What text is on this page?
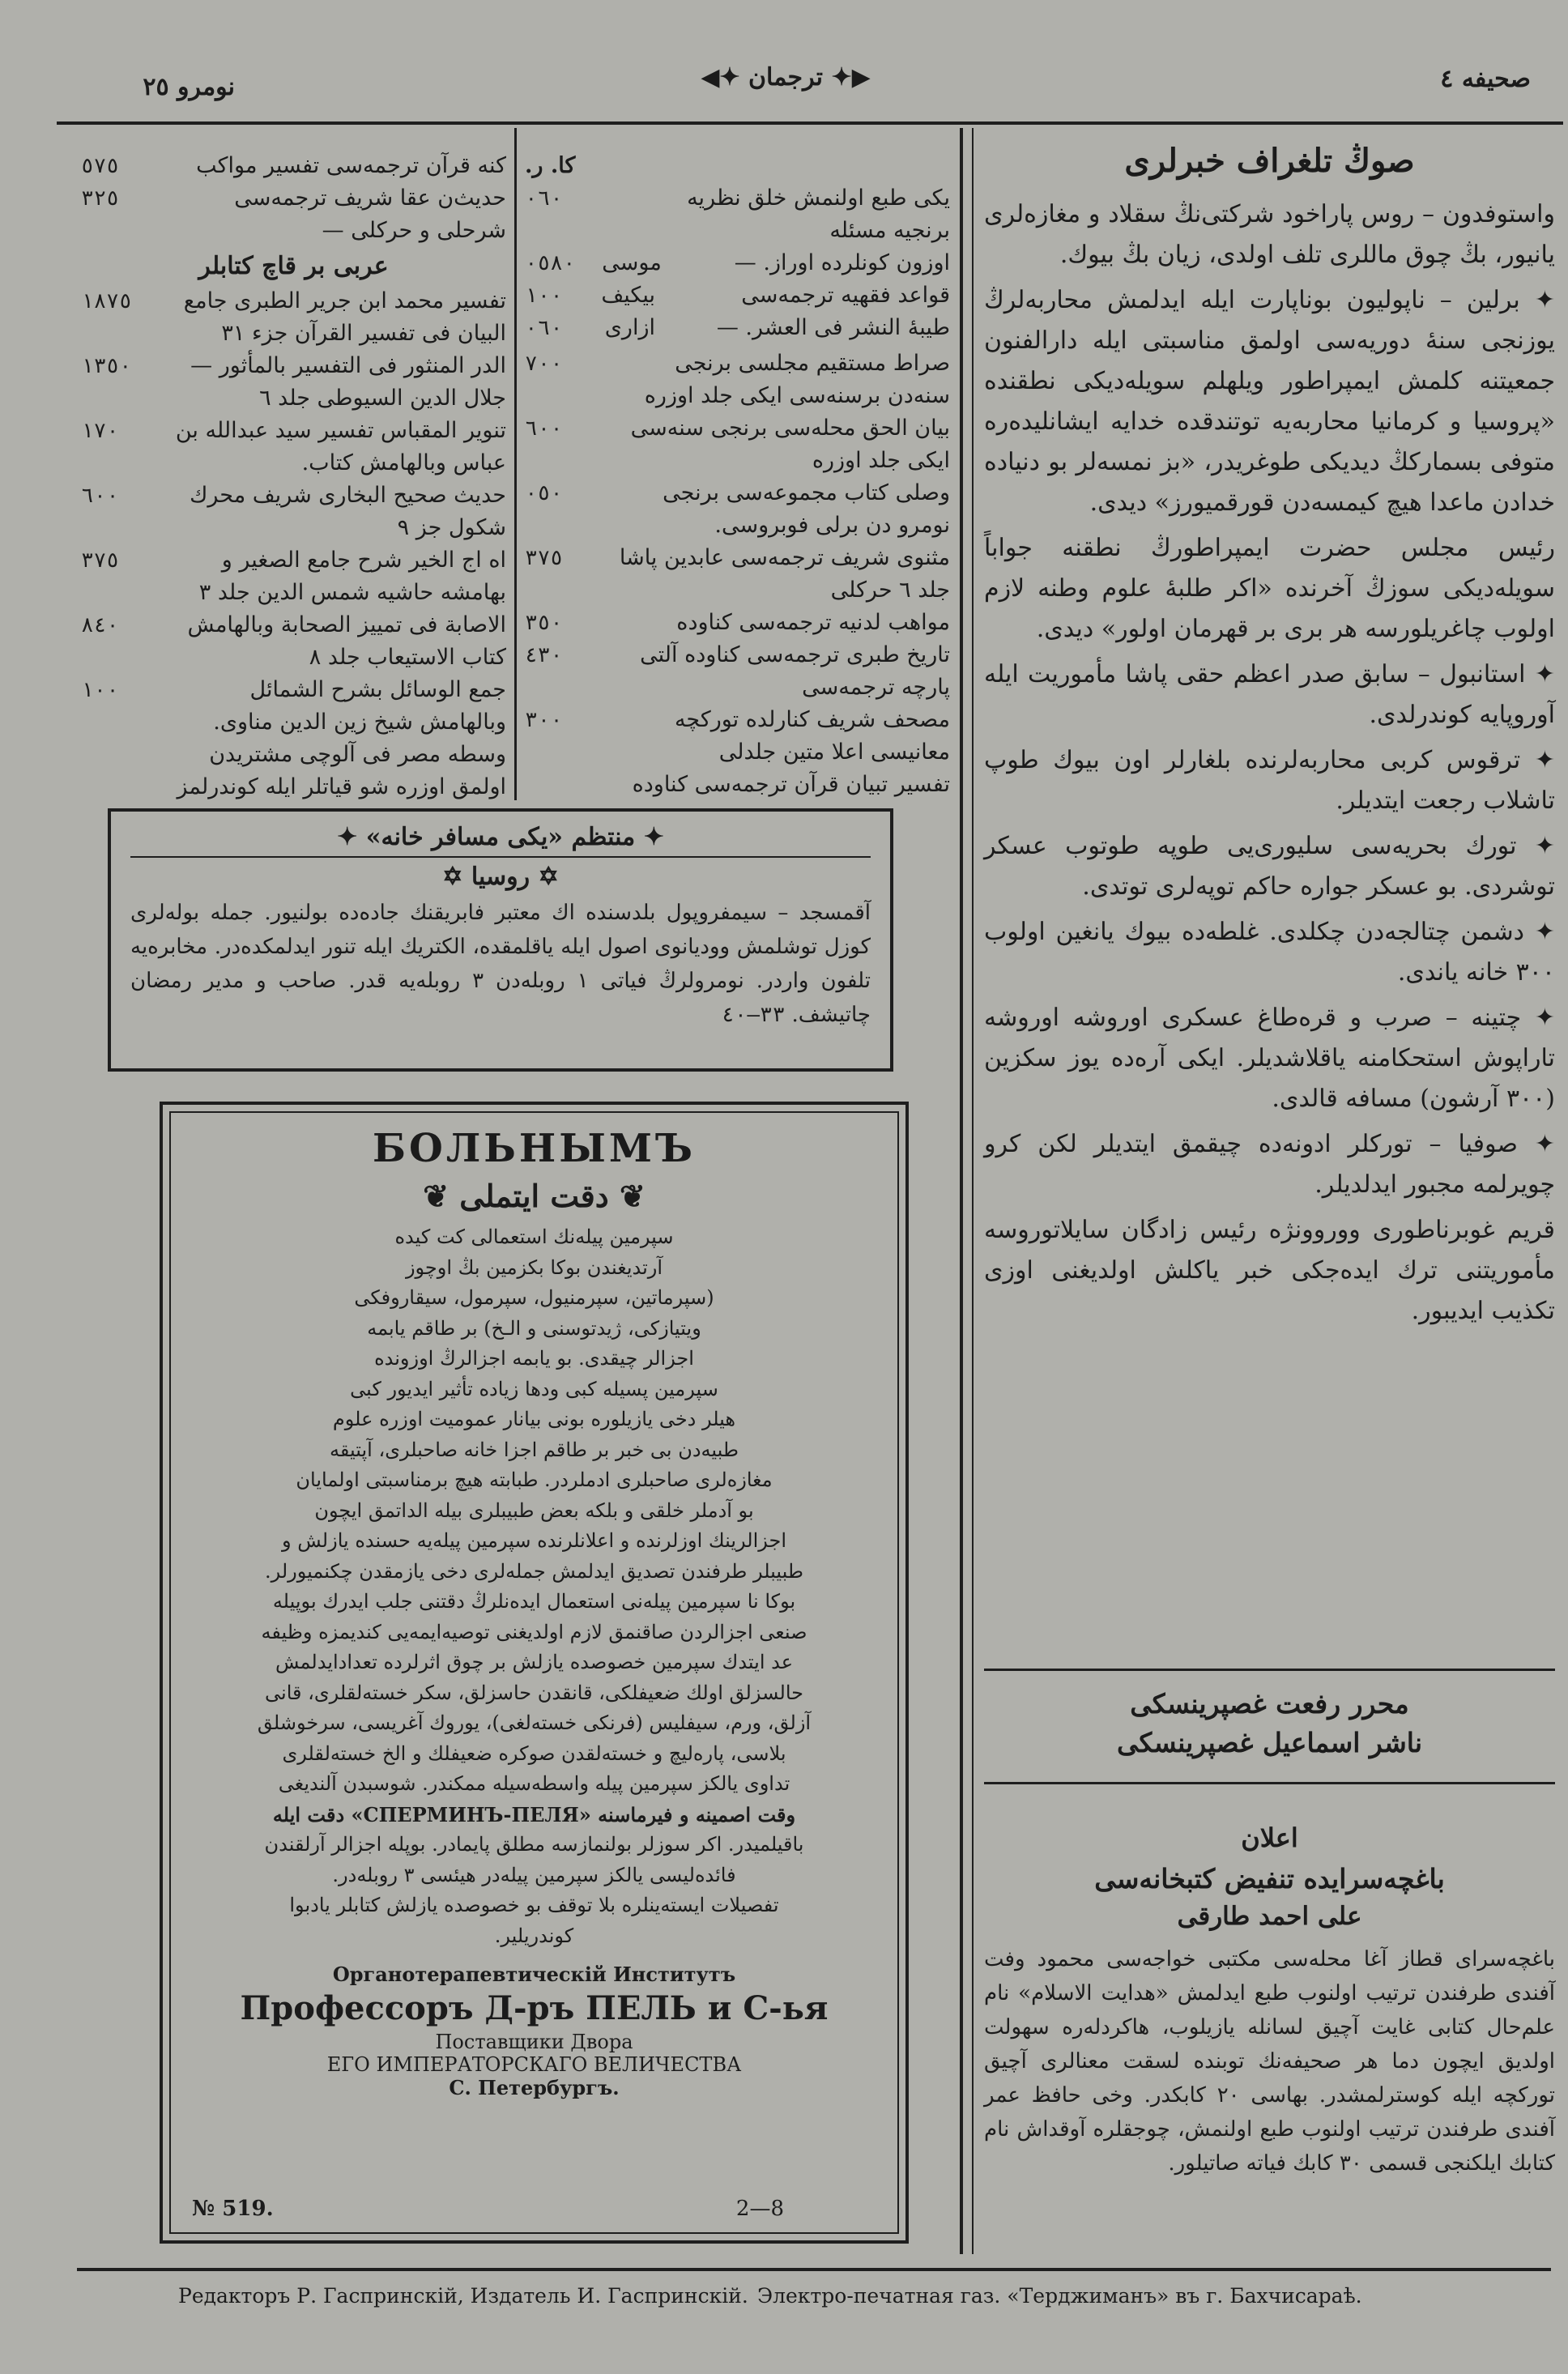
صحیفه ٤
◀✦ ترجمان ✦▶
نومرو ٢٥
صوڭ تلغراف خبرلری

واستوفدون – روس پاراخود شرکتی‌نڭ سقلاد و مغازه‌لری یانیور، بڭ چوق ماللری تلف اولدی، زیان بڭ بیوك.

✦ برلین – ناپولیون بوناپارت ایله ایدلمش محاربه‌لرڭ یوزنجی سنهٔ دوریه‌سی اولمق مناسبتی ایله دارالفنون جمعیتنه کلمش ایمپراطور ویلهلم سویله‌دیکی نطقنده «پروسیا و کرمانیا محاربه‌یه توتندقده خدایه ایشانلیده‌رە متوفی بسمارکڭ دیدیکی طوغریدر، «بز نمسه‌لر بو دنیاده خدادن ماعدا هیچ کیمسه‌دن قورقمیورز» دیدی.

رئیس مجلس حضرت ایمپراطورڭ نطقنه جواباً سویله‌دیکی سوزڭ آخرنده «اکر طلبهٔ علوم وطنه لازم اولوب چاغریلورسه هر بری بر قهرمان اولور» دیدی.

✦ استانبول – سابق صدر اعظم حقی پاشا مأموریت ایله آوروپایه کوندرلدی.

✦ ترقوس کربی محاربه‌لرنده بلغارلر اون بیوك طوپ تاشلاب رجعت ایتدیلر.

✦ تورك بحریه‌سی سلیوری‌یی طوپه طوتوب عسکر توشردی. بو عسکر جواره حاکم توپه‌لری توتدی.

✦ دشمن چتالجه‌دن چکلدی. غلطه‌ده بیوك یانغین اولوب ٣٠٠ خانه یاندی.

✦ چتینه – صرب و قره‌طاغ عسکری اوروشه اوروشه تاراپوش استحکامنه یاقلاشدیلر. ایکی آره‌ده یوز سکزین (٣٠٠ آرشون) مسافه قالدی.

✦ صوفیا – تورکلر ادونه‌ده چیقمق ایتدیلر لکن کرو چویرلمه مجبور ایدلدیلر.

قریم غوبرناطوری ووروونژه رئیس زادگان سایلاتوروسه مأموریتنی ترك ایده‌جکی خبر یاکلش اولدیغنی اوزی تکذیب ایدیبور.

محرر رفعت غصپرینسکی
ناشر اسماعیل غصپرینسکی
اعلان
باغچه‌سرایده تنفیض کتبخانه‌سی
علی احمد طارقی

باغچه‌سرای قطاز آغا محله‌سی مکتبی خواجه‌سی محمود وفت آفندی طرفندن ترتیب اولنوب طبع ایدلمش «هدایت الاسلام» نام علم‌حال کتابی غایت آچیق لسانله یازیلوب، هاکردله‌ره سهولت اولدیق ایچون دما هر صحیفه‌نك توبنده لسقت معنالری آچیق تورکچه ایله کوسترلمشدر. بهاسی ۲۰ کابکدر. وخی حافظ عمر آفندی طرفندن ترتیب اولنوب طبع اولنمش، چوجقلره آوقداش نام کتابك ایلکنجی قسمی ۳۰ کابك فیاته صاتیلور.

کا. ر.
یکی طبع اولنمش خلق نظریه برنجیه مسئله
٠٦٠
اوزون کونلرده اوراز. —
موسی
٠٥٨٠
قواعد فقهیه ترجمه‌سی
بیکیف
١٠٠
طیبهٔ النشر فی العشر. —
ازاری
٠٦٠
صراط مستقیم مجلسی برنجی سنه‌دن برسنه‌سی ایکی جلد اوزره
٧٠٠
بیان الحق محله‌سی برنجی سنه‌سی ایکی جلد اوزره
٦٠٠
وصلی کتاب مجموعه‌سی برنجی نومرو دن برلی فوبروسی.
٠٥٠
مثنوی شریف ترجمه‌سی عابدین پاشا جلد ٦ حرکلی
٣٧٥
مواهب لدنیه ترجمه‌سی کناوده
٣٥٠
تاریخ طبری ترجمه‌سی کناوده آلتی پارچه ترجمه‌سی
٤٣٠
مصحف شریف کنارلده تورکچه معانیسی اعلا متین جلدلی
٣٠٠
تفسیر تبیان قرآن ترجمه‌سی کناوده
کنه قرآن ترجمه‌سی تفسیر مواکب
٥٧٥
حدیث‌ن عقا شریف ترجمه‌سی شرحلی و حرکلی —
٣٢٥
عربی بر قاچ کتابلر
تفسیر محمد ابن جریر الطبری جامع البیان فی تفسیر القرآن جزء ٣١
١٨٧٥
الدر المنثور فی التفسیر بالمأثور — جلال الدین السیوطی جلد ٦
١٣٥٠
تنویر المقباس تفسیر سید عبدالله بن عباس وبالهامش کتاب.
١٧٠
حدیث صحیح البخاری شریف محرك شکول جز ٩
٦٠٠
اه اج الخیر شرح جامع الصغیر و بهامشه حاشیه شمس الدین جلد ٣
٣٧٥
الاصابة فی تمییز الصحابة وبالهامش کتاب الاستیعاب جلد ٨
٨٤٠
جمع الوسائل بشرح الشمائل وبالهامش شیخ زین الدین مناوی.
١٠٠
وسطه مصر فی آلوچی مشتریدن اولمق اوزره شو قیاتلر ایله کوندرلمز
✦ منتظم «یکی مسافر خانه» ✦
✡ روسیا ✡
آقمسجد – سیمفروپول بلدسنده اك معتبر فابریقنك جاده‌ده بولنیور. جمله بوله‌لری کوزل توشلمش وودیانوی اصول ایله یاقلمقده، الکتریك ایله تنور ایدلمکده‌در. مخابره‌یه تلفون واردر. نومرولرڭ فیاتی ١ روبله‌دن ٣ روبله‌یه قدر. صاحب و مدیر رمضان چاتیشف. ٣٣–٤٠
БОЛЬНЫМЪ
❦ دقت ایتملی ❦
سپرمین پیله‌نك استعمالی کت کیده
آرتدیغندن بوکا بکزمین بڭ اوچوز
(سپرماتین، سپرمنیول، سپرمول، سیقاروفکی
ویتیازکی، ژیدتوسنی و الـخ) بر طاقم یابمه
اجزالر چیقدی. بو یابمه اجزالرڭ اوزونده
سپرمین پسیله کبی ودها زیاده تأثیر ایدیور کبی
هیلر دخی یازیلوره بونی بیانار عمومیت اوزره علوم
طبیه‌دن بی خبر بر طاقم اجزا خانه صاحبلری، آپتیقه
مغازه‌لری صاحبلری ادملردر. طبابته هیچ برمناسبتی اولمایان
بو آدملر خلقی و بلکه بعض طبیبلری بیله الداتمق ایچون
اجزالرینك اوزلرنده و اعلانلرنده سپرمین پیله‌یه حسنده یازلش و
طبیبلر طرفندن تصدیق ایدلمش جمله‌لری دخی یازمقدن چکنمیورلر.
بوکا نا سپرمین پیله‌نی استعمال ایده‌نلرڭ دقتنی جلب ایدرك بوپیله
صنعی اجزالردن صاقنمق لازم اولدیغنی توصیه‌ایمه‌یی کندیمزه وظیفه
عد ایتدك سپرمین خصوصده یازلش بر چوق اثرلرده تعدادایدلمش
حالسزلق اولك ضعیفلکی، قانقدن حاسزلق، سکر خسته‌لقلری، قانی
آزلق، ورم، سیفلیس (فرنکی خسته‌لغی)، یوروك آغریسی، سرخوشلق
بلاسی، پاره‌لیچ و خسته‌لقدن صوکره ضعیفلك و الخ خسته‌لقلری
تداوی یالکز سپرمین پیله واسطه‌سیله ممکندر. شوسبدن آلندیغی
وقت اصمینه و فیرماسنه «СПЕРМИНЪ-ПЕЛЯ» دقت ایله
باقیلمیدر. اکر سوزلر بولنمازسه مطلق پایمادر. بوپله اجزالر آرلقندن
فائده‌لیسی یالکز سپرمین پیله‌در هیئسی ٣ روبله‌در.
تفصیلات ایسته‌ینلره بلا توقف بو خصوصده یازلش کتابلر یادبوا
کوندریلیر.
Органотерапевтическій Институтъ
Профессоръ Д-ръ ПЕЛЬ и С-ья
Поставщики Двора
ЕГО ИМПЕРАТОРСКАГО ВЕЛИЧЕСТВА
С. Петербургъ.
№ 519.	2—8
Редакторъ Р. Гаспринскій, Издатель И. Гаспринскій. Электро-печатная газ. «Терджиманъ» въ г. Бахчисараѣ.
